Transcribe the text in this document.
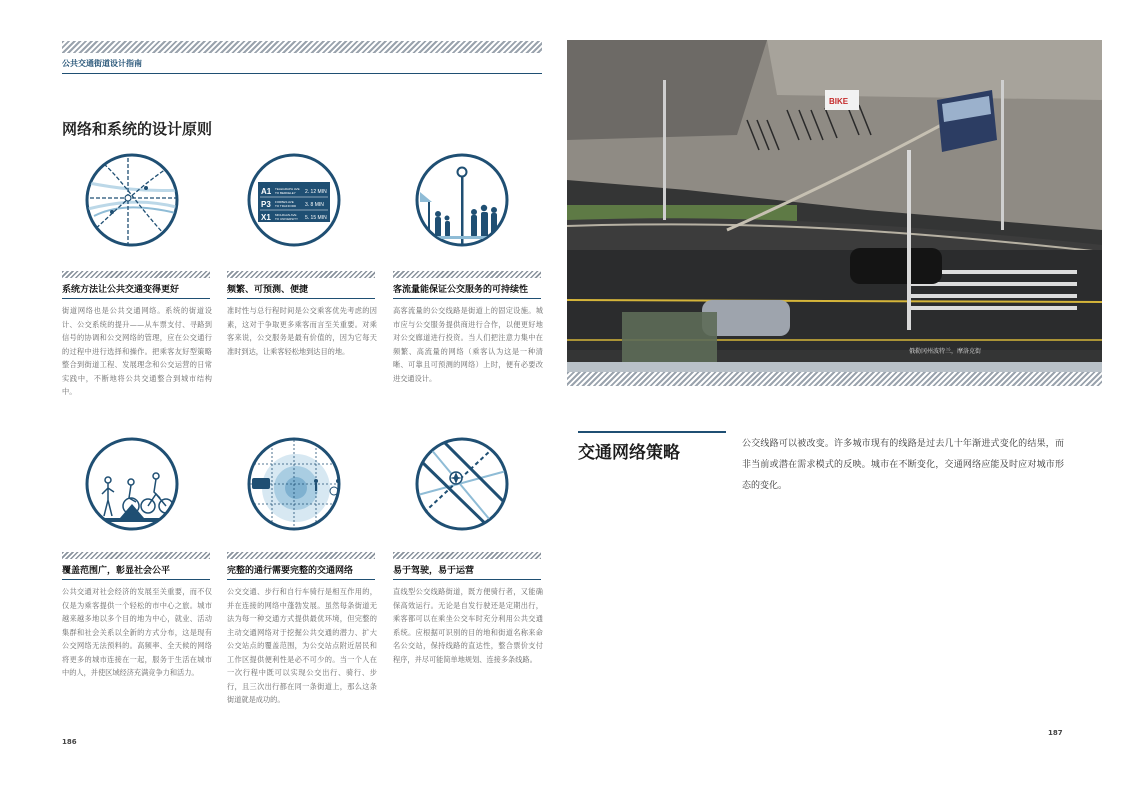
公共交通街道设计指南
网络和系统的设计原则
A1
P3
X1
TELEGRAPH AVE
TO BERKELEY
FORBES AVE
TO TRAFFORD
MICHIGAN AVE
TO UNIVERSITY
2. 12 MIN
3. 8 MIN
5. 15 MIN
系统方法让公共交通变得更好	频繁、可预测、便捷	客流量能保证公交服务的可持续性
街道网络也是公共交通网络。系统的街道设计、公交系统的提升——从车票支付、寻路到信号的协调和公交网络的管理，应在公交通行的过程中进行选择和操作。把乘客友好型策略整合到街道工程、发展理念和公交运营的日常实践中，不断地将公共交通整合到城市结构中。
准时性与总行程时间是公交乘客优先考虑的因素，这对于争取更多乘客而言至关重要。对乘客来说，公交服务是最有价值的，因为它每天准时到达，让乘客轻松地到达目的地。
高客流量的公交线路是街道上的固定设施。城市应与公交服务提供商进行合作，以便更好地对公交廊道进行投资。当人们把注意力集中在频繁、高流量的网络（乘客认为这是一种清晰、可靠且可预测的网络）上时，便有必要改进交通设计。
覆盖范围广，彰显社会公平	完整的通行需要完整的交通网络	易于驾驶，易于运营
公共交通对社会经济的发展至关重要，而不仅仅是为乘客提供一个轻松的市中心之旅。城市越来越多地以多个目的地为中心，就业、活动集群和社会关系以全新的方式分布，这是现有公交网络无法预料的。高频率、全天候的网络将更多的城市连接在一起，服务于生活在城市中的人，并使区域经济充满竞争力和活力。
公交交通、步行和自行车骑行是相互作用的，并在连接的网络中蓬勃发展。虽然每条街道无法为每一种交通方式提供最优环境，但完整的主动交通网络对于挖掘公共交通的潜力、扩大公交站点的覆盖范围，为公交站点附近居民和工作区提供便利性是必不可少的。当一个人在一次行程中既可以实现公交出行、骑行、步行，且三次出行都在同一条街道上，那么这条街道就是成功的。
直线型公交线路街道，既方便骑行者，又能确保高效运行。无论是自发行驶还是定期出行，乘客都可以在乘坐公交车时充分利用公共交通系统。应根据可识别的目的地和街道名称来命名公交站，保持线路的直达性，整合票价支付程序，并尽可能简单地规划、连接多条线路。
186
BIKE
俄勒冈州波特兰，摩洛克街
交通网络策略	公交线路可以被改变。许多城市现有的线路是过去几十年渐进式变化的结果，而非当前或潜在需求模式的反映。城市在不断变化，交通网络应能及时应对城市形态的变化。
187
